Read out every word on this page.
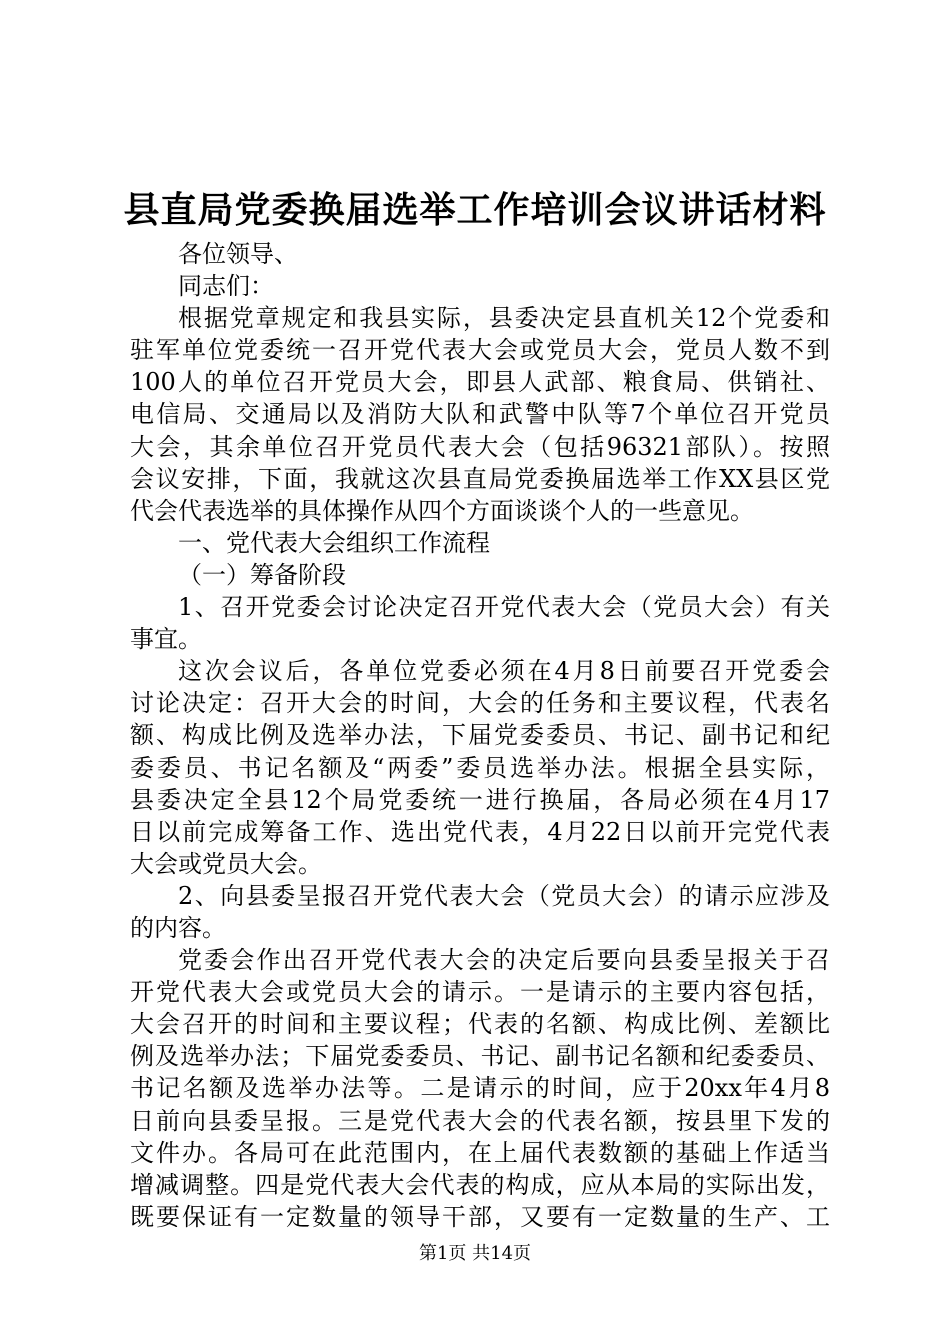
县直局党委换届选举工作培训会议讲话材料
各位领导、
同志们：
根据党章规定和我县实际，县委决定县直机关12个党委和
驻军单位党委统一召开党代表大会或党员大会，党员人数不到
100人的单位召开党员大会，即县人武部、粮食局、供销社、
电信局、交通局以及消防大队和武警中队等7个单位召开党员
大会，其余单位召开党员代表大会（包括96321部队）。按照
会议安排，下面，我就这次县直局党委换届选举工作XX县区党
代会代表选举的具体操作从四个方面谈谈个人的一些意见。
一、党代表大会组织工作流程
（一）筹备阶段
1、召开党委会讨论决定召开党代表大会（党员大会）有关
事宜。
这次会议后，各单位党委必须在4月8日前要召开党委会
讨论决定：召开大会的时间，大会的任务和主要议程，代表名
额、构成比例及选举办法，下届党委委员、书记、副书记和纪
委委员、书记名额及“两委”委员选举办法。根据全县实际，
县委决定全县12个局党委统一进行换届，各局必须在4月17
日以前完成筹备工作、选出党代表，4月22日以前开完党代表
大会或党员大会。
2、向县委呈报召开党代表大会（党员大会）的请示应涉及
的内容。
党委会作出召开党代表大会的决定后要向县委呈报关于召
开党代表大会或党员大会的请示。一是请示的主要内容包括，
大会召开的时间和主要议程；代表的名额、构成比例、差额比
例及选举办法；下届党委委员、书记、副书记名额和纪委委员、
书记名额及选举办法等。二是请示的时间，应于20xx年4月8
日前向县委呈报。三是党代表大会的代表名额，按县里下发的
文件办。各局可在此范围内，在上届代表数额的基础上作适当
增减调整。四是党代表大会代表的构成，应从本局的实际出发，
既要保证有一定数量的领导干部，又要有一定数量的生产、工
第1页 共14页
